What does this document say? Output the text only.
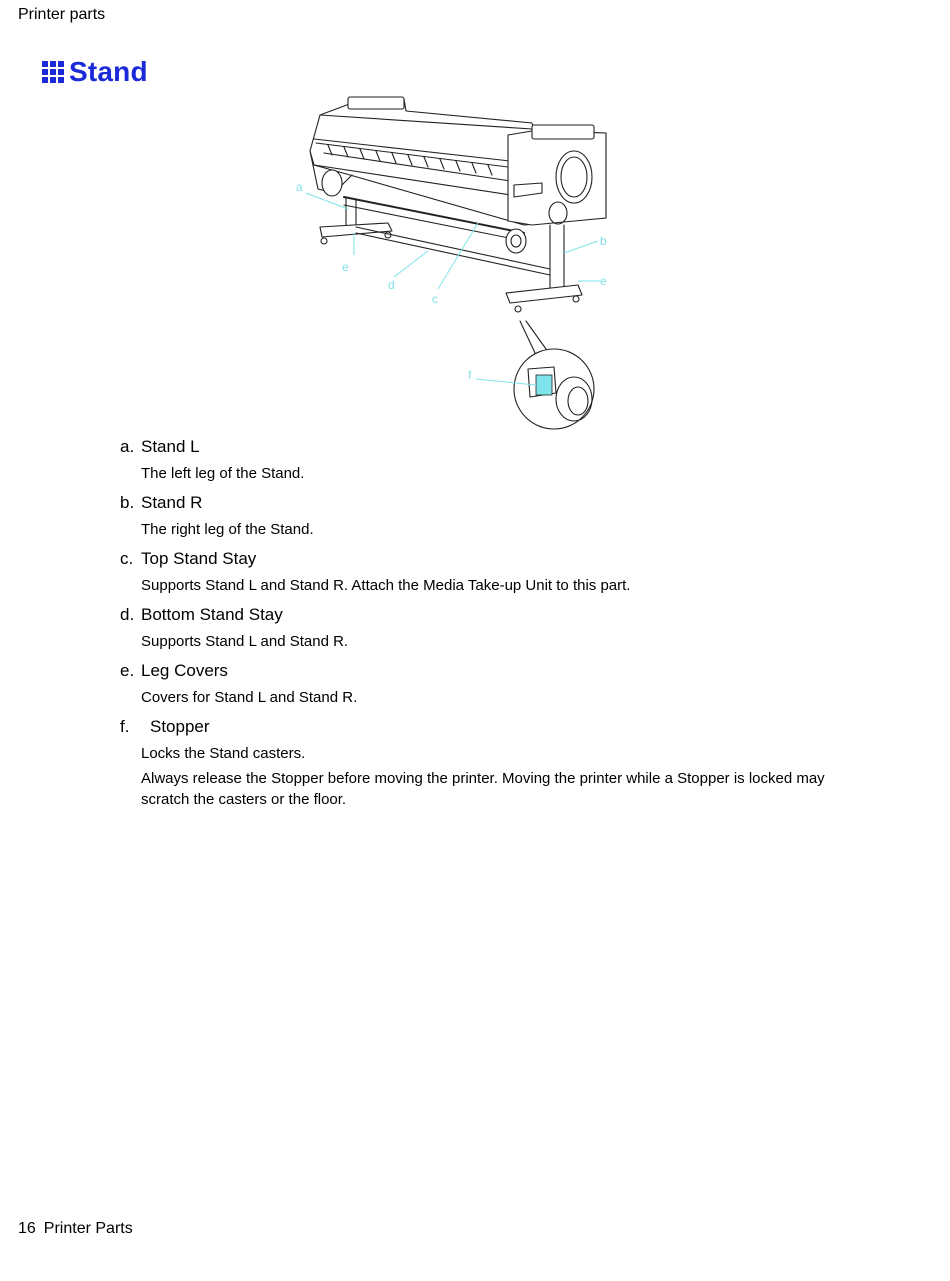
Printer parts
Stand
a
b
c
d
e
e
f
a. Stand L

The left leg of the Stand.

b. Stand R

The right leg of the Stand.

c. Top Stand Stay

Supports Stand L and Stand R. Attach the Media Take-up Unit to this part.

d. Bottom Stand Stay

Supports Stand L and Stand R.

e. Leg Covers

Covers for Stand L and Stand R.

f.	Stopper

Locks the Stand casters.

Always release the Stopper before moving the printer. Moving the printer while a Stopper is locked may scratch the casters or the floor.

16 Printer Parts
